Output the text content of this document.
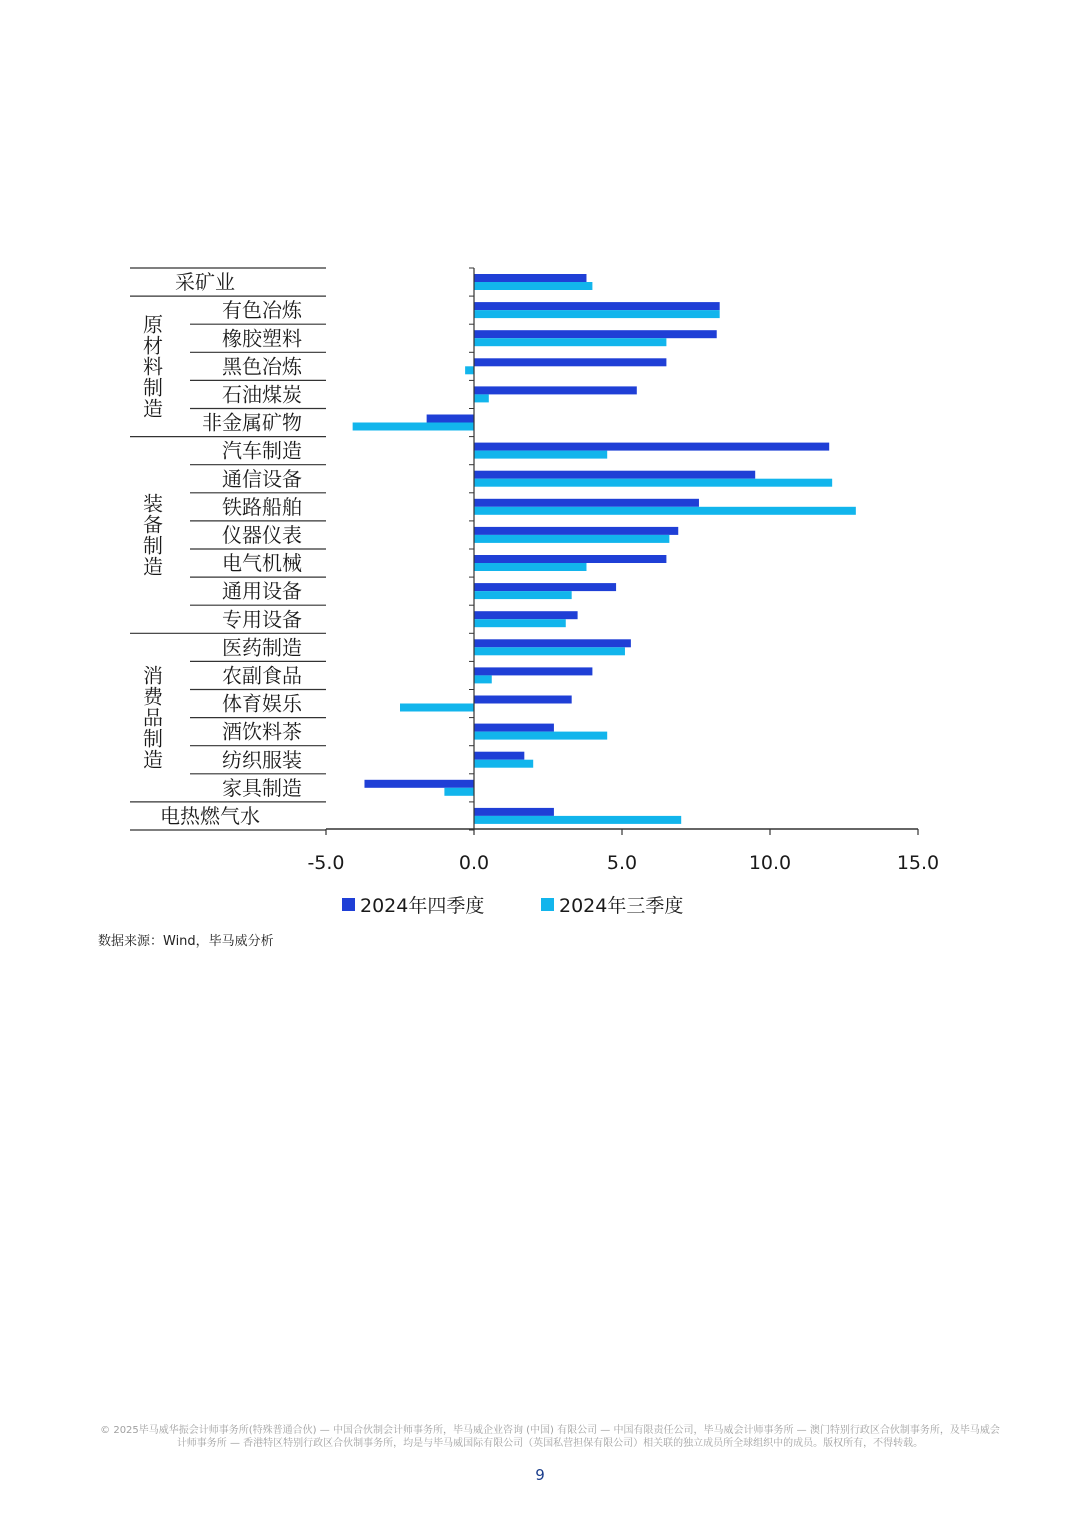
采矿业
有色冶炼
橡胶塑料
黑色冶炼
石油煤炭
非金属矿物
汽车制造
通信设备
铁路船舶
仪器仪表
电气机械
通用设备
专用设备
医药制造
农副食品
体育娱乐
酒饮料茶
纺织服装
家具制造
电热燃气水
原材料制造
装备制造
消费品制造
-5.0	0.0	5.0	10.0	15.0
2024年四季度	2024年三季度
数据来源：Wind，毕马威分析
© 2025毕马威华振会计师事务所(特殊普通合伙) — 中国合伙制会计师事务所，毕马威企业咨询 (中国) 有限公司 — 中国有限责任公司，毕马威会计师事务所 — 澳门特别行政区合伙制事务所，及毕马威会计师事务所 — 香港特区特别行政区合伙制事务所，均是与毕马威国际有限公司（英国私营担保有限公司）相关联的独立成员所全球组织中的成员。版权所有，不得转载。
9
